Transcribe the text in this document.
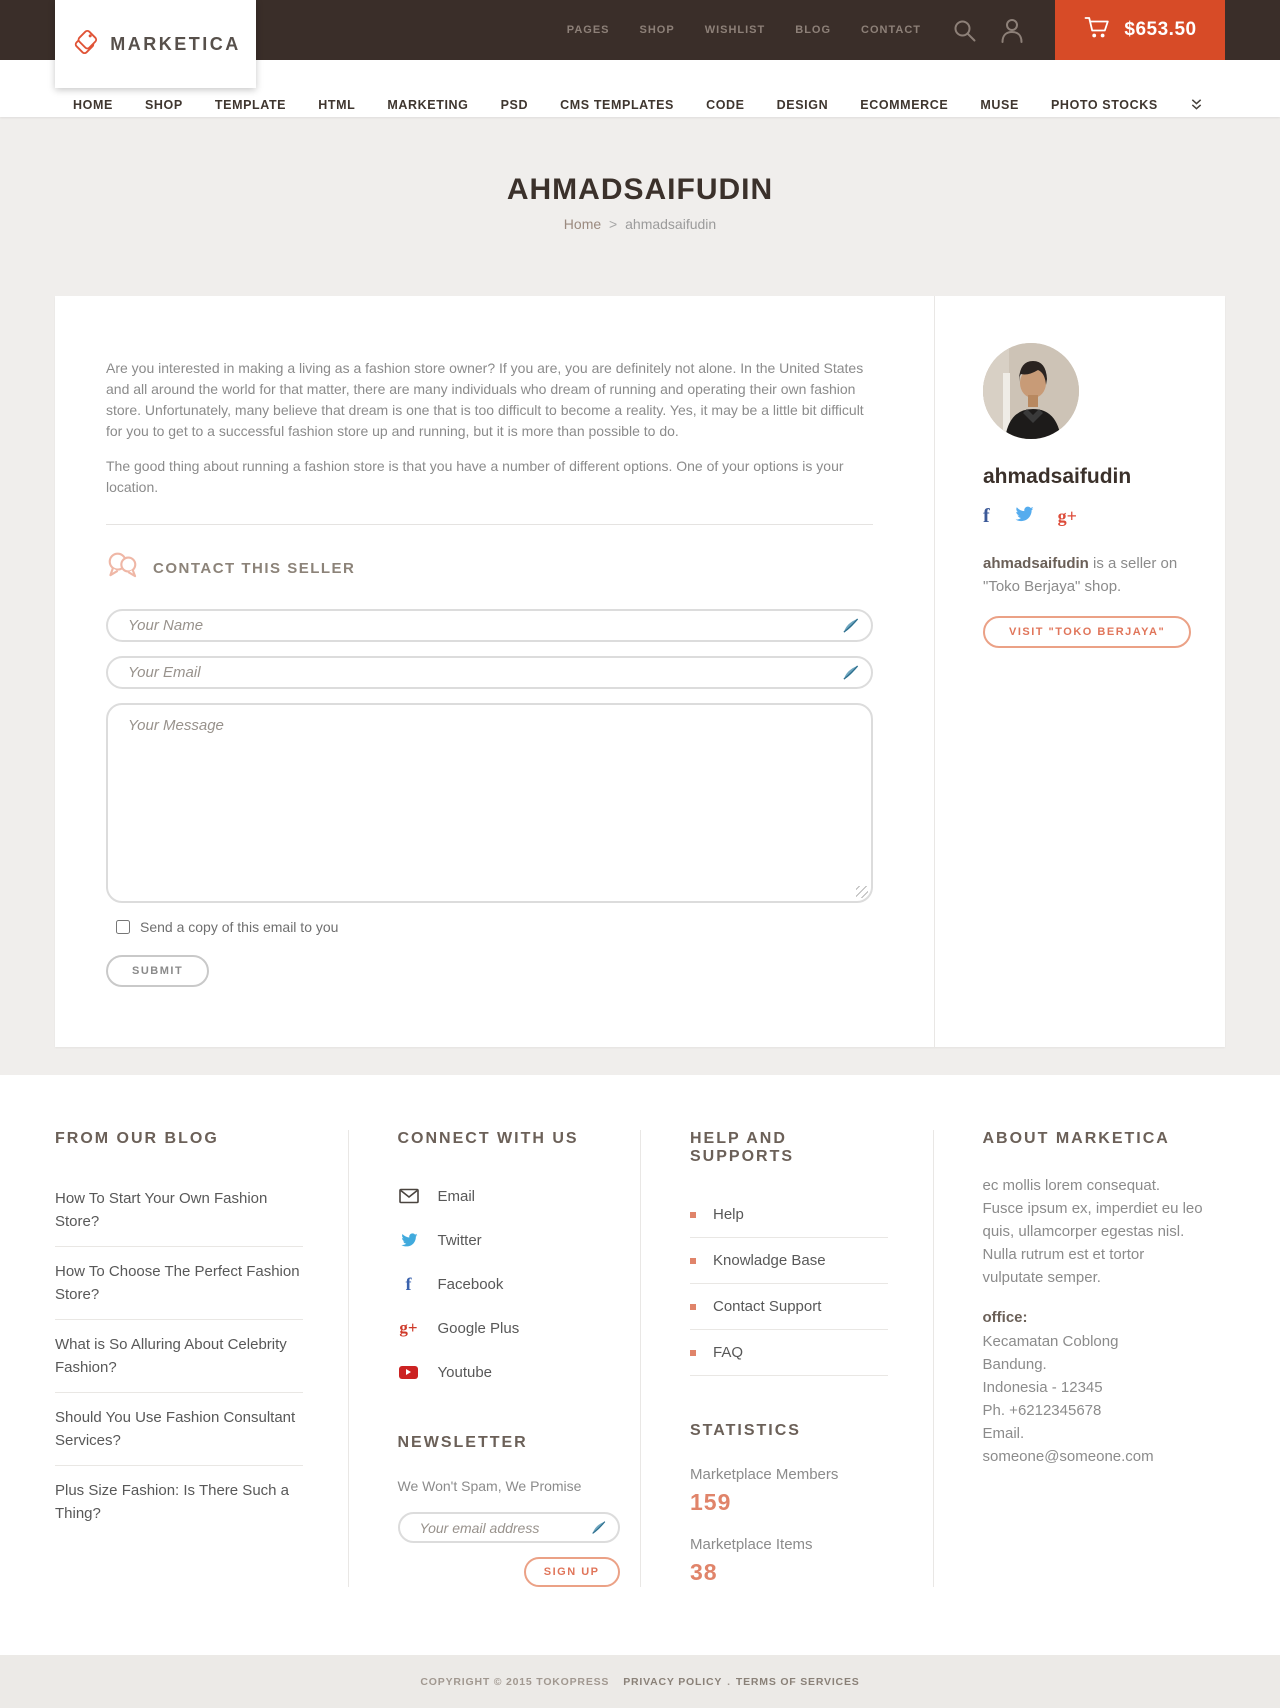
MARKETICA
PAGES	SHOP	WISHLIST	BLOG	CONTACT	$653.50
HOME	SHOP	TEMPLATE	HTML	MARKETING	PSD	CMS TEMPLATES	CODE	DESIGN	ECOMMERCE	MUSE	PHOTO STOCKS
AHMADSAIFUDIN
Home > ahmadsaifudin

Are you interested in making a living as a fashion store owner? If you are, you are definitely not alone. In the United States and all around the world for that matter, there are many individuals who dream of running and operating their own fashion store. Unfortunately, many believe that dream is one that is too difficult to become a reality. Yes, it may be a little bit difficult for you to get to a successful fashion store up and running, but it is more than possible to do.

The good thing about running a fashion store is that you have a number of different options. One of your options is your location.

CONTACT THIS SELLER
Your Name
Your Email
Your Message
Send a copy of this email to you
SUBMIT
ahmadsaifudin
f	g+

ahmadsaifudin is a seller on "Toko Berjaya" shop.

VISIT "TOKO BERJAYA"
FROM OUR BLOG
How To Start Your Own Fashion Store?
How To Choose The Perfect Fashion Store?
What is So Alluring About Celebrity Fashion?
Should You Use Fashion Consultant Services?
Plus Size Fashion: Is There Such a Thing?
CONNECT WITH US
Email
Twitter
f Facebook
g+ Google Plus
Youtube
NEWSLETTER

We Won't Spam, We Promise

Your email address
SIGN UP
HELP AND SUPPORTS
Help
Knowladge Base
Contact Support
FAQ
STATISTICS
Marketplace Members
159
Marketplace Items
38
ABOUT MARKETICA

ec mollis lorem consequat. Fusce ipsum ex, imperdiet eu leo quis, ullamcorper egestas nisl. Nulla rutrum est et tortor vulputate semper.

office:

Kecamatan Coblong
Bandung.
Indonesia - 12345
Ph. +6212345678
Email. someone@someone.com
COPYRIGHT © 2015 TOKOPRESS PRIVACY POLICY . TERMS OF SERVICES
